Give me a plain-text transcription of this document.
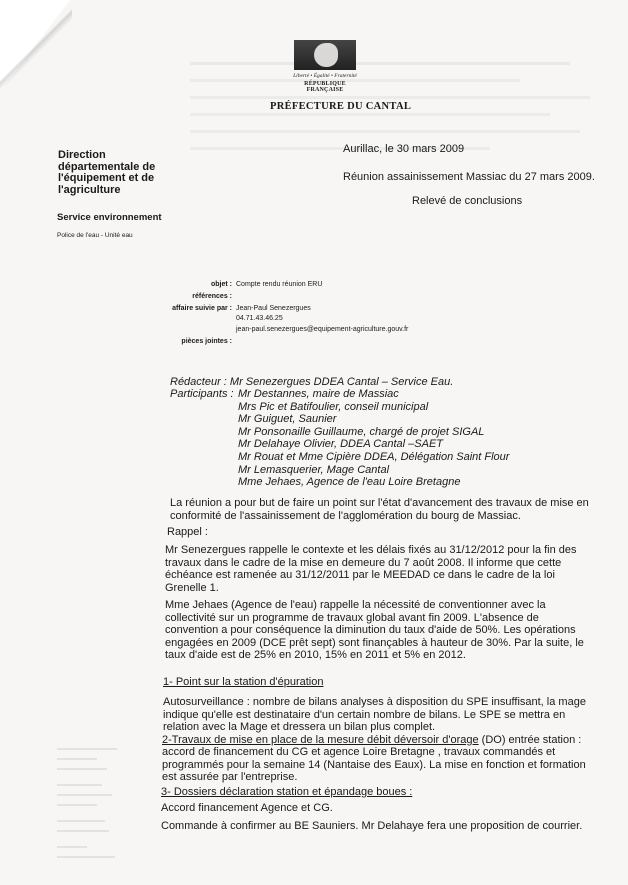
Liberté • Égalité • Fraternité
RÉPUBLIQUE FRANÇAISE
PRÉFECTURE DU CANTAL
Direction départementale de l'équipement et de l'agriculture
Service environnement
Police de l'eau - Unité eau
Aurillac, le 30 mars 2009
Réunion assainissement Massiac du 27 mars 2009.
Relevé de conclusions
objet : Compte rendu réunion ERU
références :
affaire suivie par : Jean-Paul Senezergues
04.71.43.46.25
jean-paul.senezergues@equipement-agriculture.gouv.fr
pièces jointes :
Rédacteur : Mr Senezergues DDEA Cantal – Service Eau.
Participants : Mr Destannes, maire de Massiac
Mrs Pic et Batifoulier, conseil municipal
Mr Guiguet, Saunier
Mr Ponsonaille Guillaume, chargé de projet SIGAL
Mr Delahaye Olivier, DDEA Cantal –SAET
Mr Rouat et Mme Cipière DDEA, Délégation Saint Flour
Mr Lemasquerier, Mage Cantal
Mme Jehaes, Agence de l'eau Loire Bretagne
La réunion a pour but de faire un point sur l'état d'avancement des travaux de mise en
conformité de l'assainissement de l'agglomération du bourg de Massiac.
Rappel :
Mr Senezergues rappelle le contexte et les délais fixés au 31/12/2012 pour la fin des
travaux dans le cadre de la mise en demeure du 7 août 2008. Il informe que cette
échéance est ramenée au 31/12/2011 par le MEEDAD ce dans le cadre de la loi
Grenelle 1.
Mme Jehaes (Agence de l'eau) rappelle la nécessité de conventionner avec la
collectivité sur un programme de travaux global avant fin 2009. L'absence de
convention a pour conséquence la diminution du taux d'aide de 50%. Les opérations
engagées en 2009 (DCE prêt sept) sont finançables à hauteur de 30%. Par la suite, le
taux d'aide est de 25% en 2010, 15% en 2011 et 5% en 2012.
1- Point sur la station d'épuration
Autosurveillance : nombre de bilans analyses à disposition du SPE insuffisant, la mage
indique qu'elle est destinataire d'un certain nombre de bilans. Le SPE se mettra en
relation avec la Mage et dressera un bilan plus complet.
2-Travaux de mise en place de la mesure débit déversoir d'orage (DO) entrée station :
accord de financement du CG et agence Loire Bretagne , travaux commandés et
programmés pour la semaine 14 (Nantaise des Eaux). La mise en fonction et formation
est assurée par l'entreprise.
3- Dossiers déclaration station et épandage boues :
Accord financement Agence et CG.
Commande à confirmer au BE Sauniers. Mr Delahaye fera une proposition de courrier.
